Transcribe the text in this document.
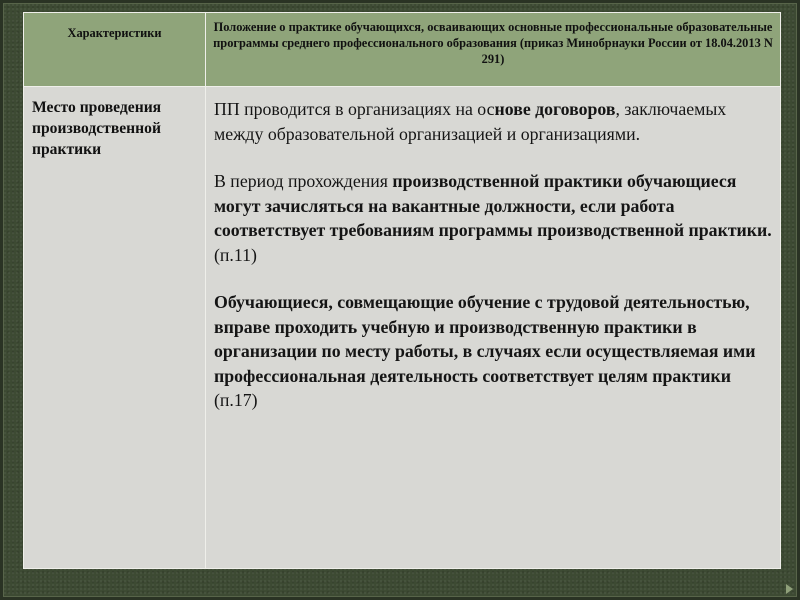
Характеристики	Положение о практике обучающихся, осваивающих основные профессиональные образовательные программы среднего профессионального образования (приказ Минобрнауки России от 18.04.2013 N 291)
Место проведения производственной практики	ПП проводится в организациях на основе договоров, заключаемых между образовательной организацией и организациями.

В период прохождения производственной практики обучающиеся могут зачисляться на вакантные должности, если работа соответствует требованиям программы производственной практики.
(п.11)

Обучающиеся, совмещающие обучение с трудовой деятельностью, вправе проходить учебную и производственную практики в организации по месту работы, в случаях если осуществляемая ими профессиональная деятельность соответствует целям практики (п.17)
